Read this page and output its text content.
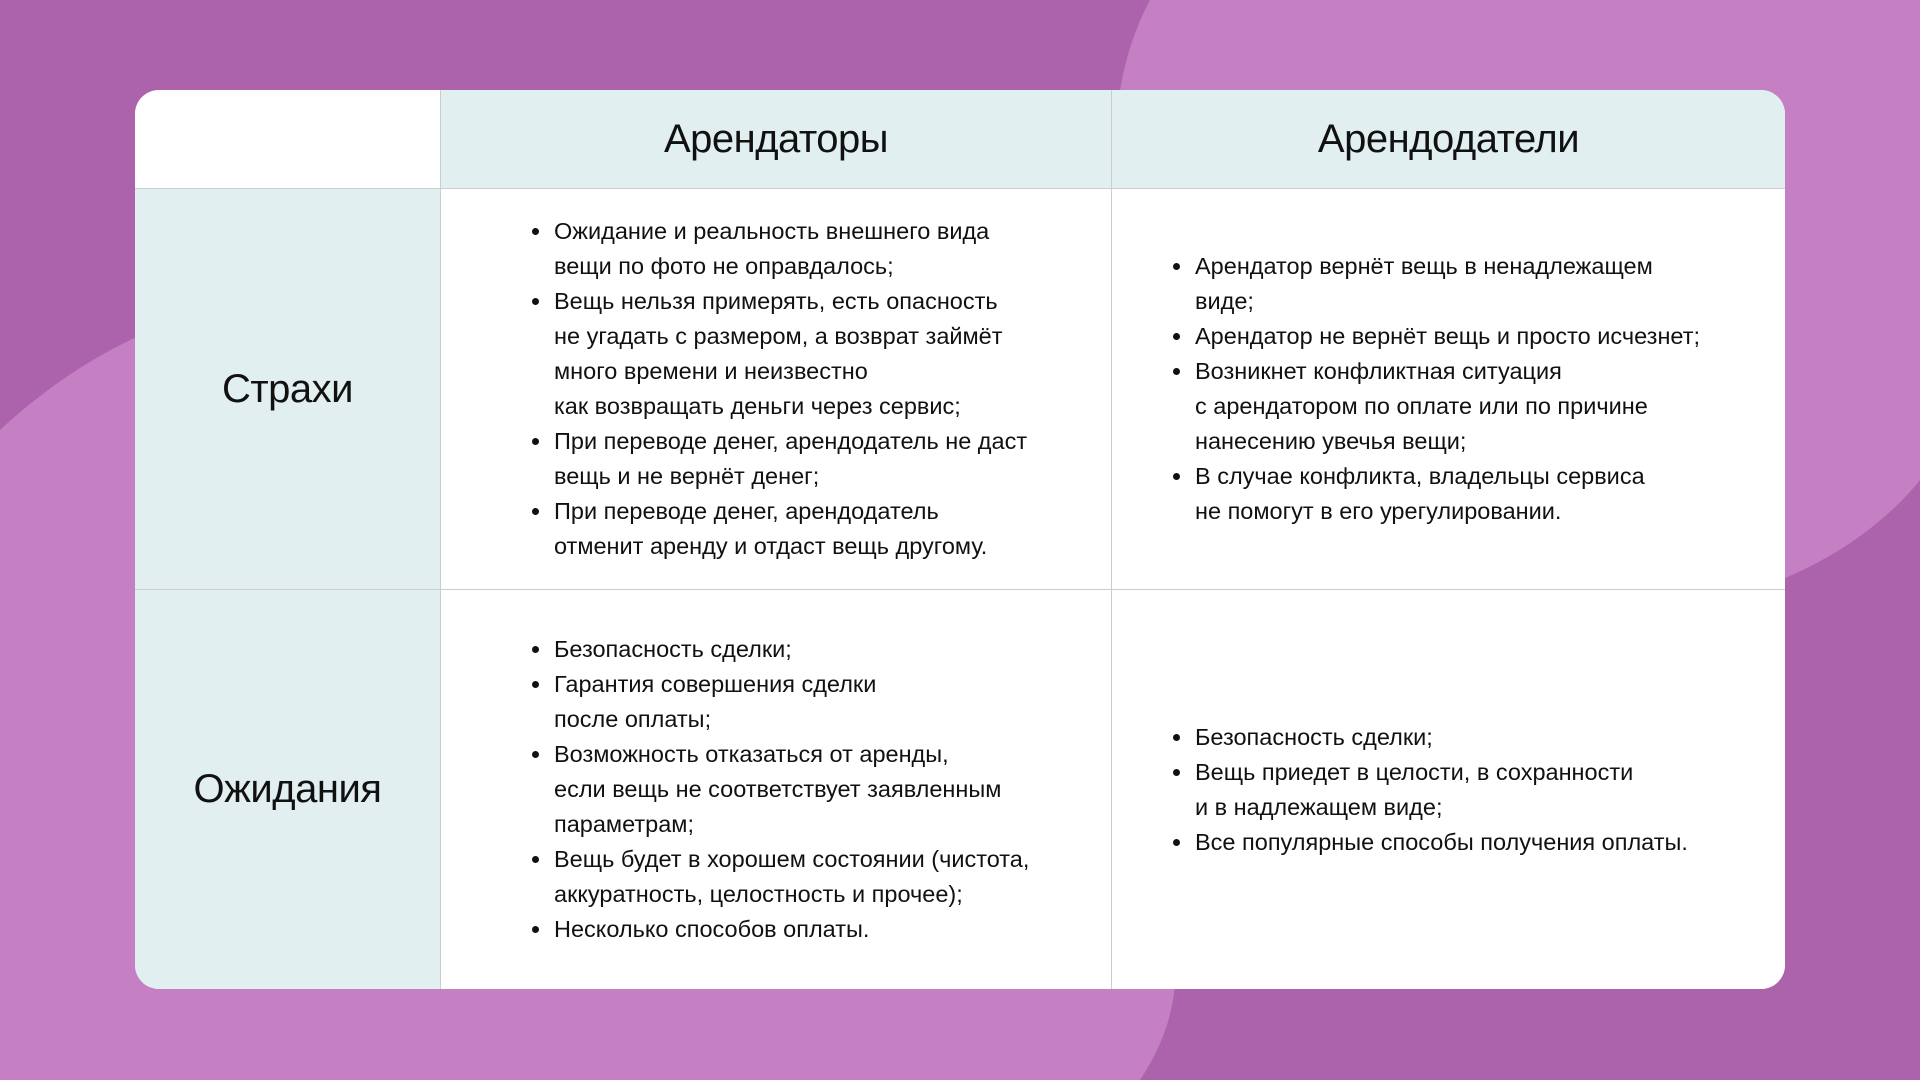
Арендаторы	Арендодатели
Страхи
Ожидание и реальность внешнего вида
вещи по фото не оправдалось;
Вещь нельзя примерять, есть опасность
не угадать с размером, а возврат займёт
много времени и неизвестно
как возвращать деньги через сервис;
При переводе денег, арендодатель не даст
вещь и не вернёт денег;
При переводе денег, арендодатель
отменит аренду и отдаст вещь другому.
Арендатор вернёт вещь в ненадлежащем
виде;
Арендатор не вернёт вещь и просто исчезнет;
Возникнет конфликтная ситуация
с арендатором по оплате или по причине
нанесению увечья вещи;
В случае конфликта, владельцы сервиса
не помогут в его урегулировании.
Ожидания
Безопасность сделки;
Гарантия совершения сделки
после оплаты;
Возможность отказаться от аренды,
если вещь не соответствует заявленным
параметрам;
Вещь будет в хорошем состоянии (чистота,
аккуратность, целостность и прочее);
Несколько способов оплаты.
Безопасность сделки;
Вещь приедет в целости, в сохранности
и в надлежащем виде;
Все популярные способы получения оплаты.
